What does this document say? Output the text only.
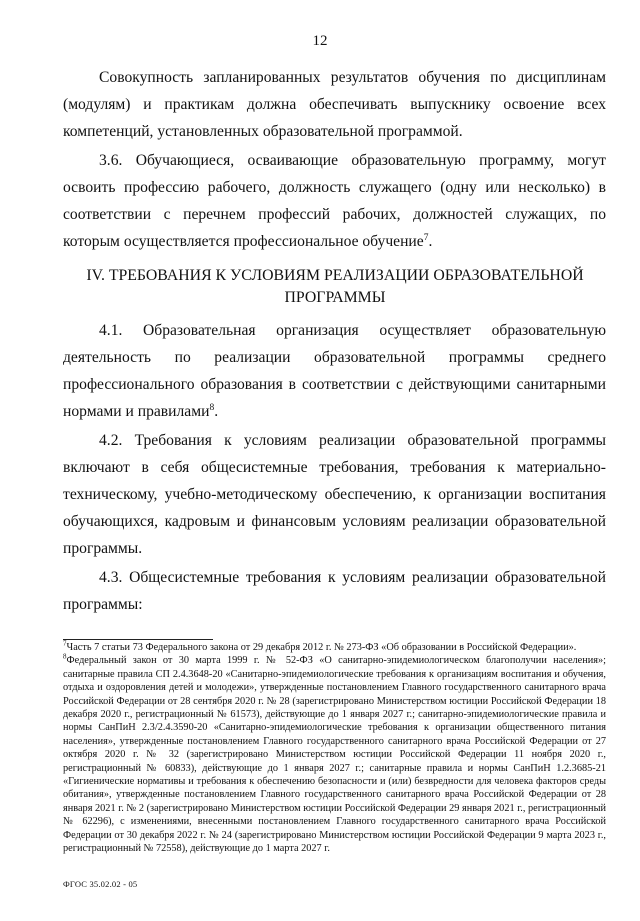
12

Совокупность запланированных результатов обучения по дисциплинам (модулям) и практикам должна обеспечивать выпускнику освоение всех компетенций, установленных образовательной программой.

3.6. Обучающиеся, осваивающие образовательную программу, могут освоить профессию рабочего, должность служащего (одну или несколько) в соответствии с перечнем профессий рабочих, должностей служащих, по которым осуществляется профессиональное обучение$^7$.

IV. ТРЕБОВАНИЯ К УСЛОВИЯМ РЕАЛИЗАЦИИ ОБРАЗОВАТЕЛЬНОЙ
ПРОГРАММЫ

4.1. Образовательная организация осуществляет образовательную деятельность по реализации образовательной программы среднего профессионального образования в соответствии с действующими санитарными нормами и правилами$^8$.

4.2. Требования к условиям реализации образовательной программы включают в себя общесистемные требования, требования к материально-техническому, учебно-методическому обеспечению, к организации воспитания обучающихся, кадровым и финансовым условиям реализации образовательной программы.

4.3. Общесистемные требования к условиям реализации образовательной программы:

$^7$Часть 7 статьи 73 Федерального закона от 29 декабря 2012 г. № 273-ФЗ «Об образовании в Российской Федерации».

$^8$Федеральный закон от 30 марта 1999 г. № 52-ФЗ «О санитарно-эпидемиологическом благополучии населения»; санитарные правила СП 2.4.3648-20 «Санитарно-эпидемиологические требования к организациям воспитания и обучения, отдыха и оздоровления детей и молодежи», утвержденные постановлением Главного государственного санитарного врача Российской Федерации от 28 сентября 2020 г. № 28 (зарегистрировано Министерством юстиции Российской Федерации 18 декабря 2020 г., регистрационный № 61573), действующие до 1 января 2027 г.; санитарно-эпидемиологические правила и нормы СанПиН 2.3/2.4.3590-20 «Санитарно-эпидемиологические требования к организации общественного питания населения», утвержденные постановлением Главного государственного санитарного врача Российской Федерации от 27 октября 2020 г. № 32 (зарегистрировано Министерством юстиции Российской Федерации 11 ноября 2020 г., регистрационный № 60833), действующие до 1 января 2027 г.; санитарные правила и нормы СанПиН 1.2.3685-21 «Гигиенические нормативы и требования к обеспечению безопасности и (или) безвредности для человека факторов среды обитания», утвержденные постановлением Главного государственного санитарного врача Российской Федерации от 28 января 2021 г. № 2 (зарегистрировано Министерством юстиции Российской Федерации 29 января 2021 г., регистрационный № 62296), с изменениями, внесенными постановлением Главного государственного санитарного врача Российской Федерации от 30 декабря 2022 г. № 24 (зарегистрировано Министерством юстиции Российской Федерации 9 марта 2023 г., регистрационный № 72558), действующие до 1 марта 2027 г.

ФГОС 35.02.02 - 05
